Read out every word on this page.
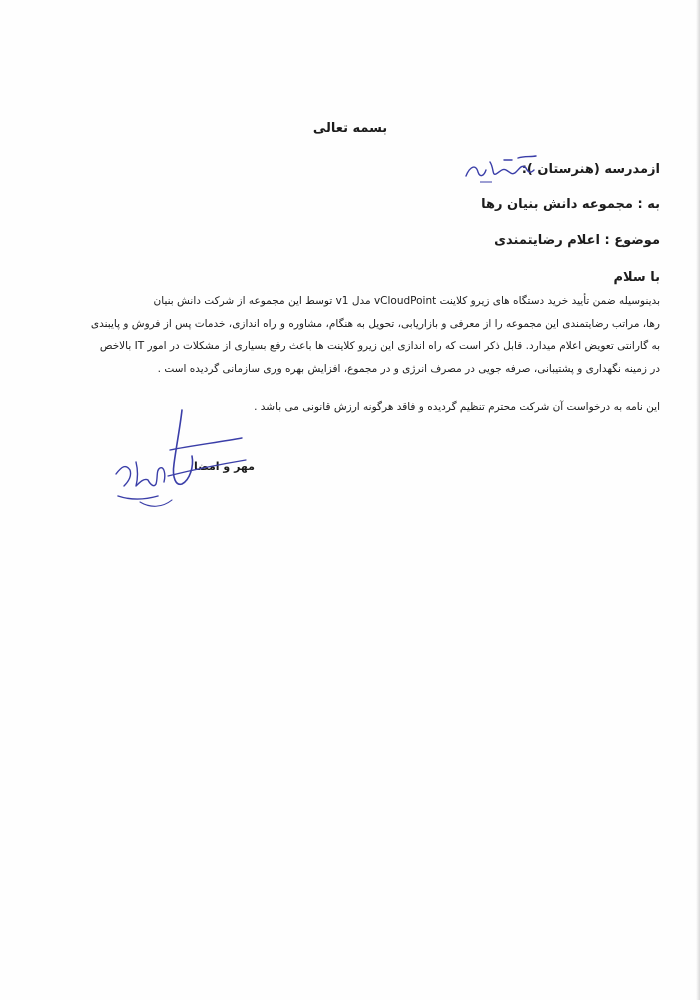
بسمه تعالی
ازمدرسه (هنرستان ):
به : مجموعه دانش بنیان رها
موضوع : اعلام رضایتمندی
با سلام
بدینوسیله ضمن تأیید خرید دستگاه های زیرو کلاینت vCloudPoint مدل v1 توسط این مجموعه از شرکت دانش بنیان
رها، مراتب رضایتمندی این مجموعه را از معرفی و بازاریابی، تحویل به هنگام، مشاوره و راه اندازی، خدمات پس از فروش و پایبندی
به گارانتی تعویض اعلام میدارد. قابل ذکر است که راه اندازی این زیرو کلاینت ها باعث رفع بسیاری از مشکلات در امور IT بالاخص
در زمینه نگهداری و پشتیبانی، صرفه جویی در مصرف انرژی و در مجموع، افزایش بهره وری سازمانی گردیده است .
این نامه به درخواست آن شرکت محترم تنظیم گردیده و فاقد هرگونه ارزش قانونی می باشد .
مهر و امضا
